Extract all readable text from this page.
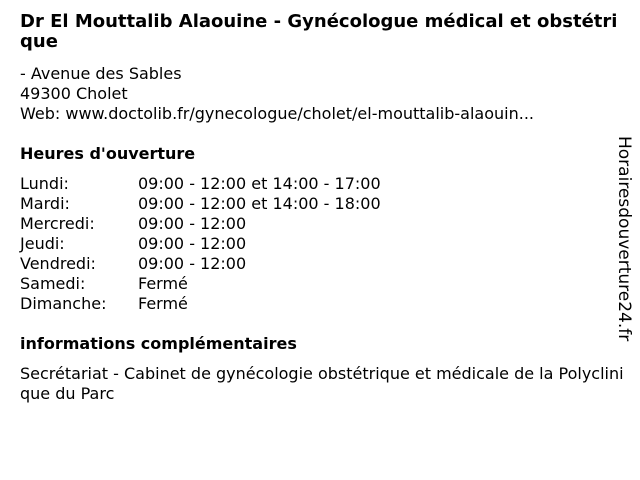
Dr El Mouttalib Alaouine - Gynécologue médical et obstétrique
- Avenue des Sables
49300 Cholet
Web: www.doctolib.fr/gynecologue/cholet/el-mouttalib-alaouin...
Heures d'ouverture
Lundi:	09:00 - 12:00 et 14:00 - 17:00
Mardi:	09:00 - 12:00 et 14:00 - 18:00
Mercredi:	09:00 - 12:00
Jeudi:	09:00 - 12:00
Vendredi:	09:00 - 12:00
Samedi:	Fermé
Dimanche: Fermé
informations complémentaires
Secrétariat - Cabinet de gynécologie obstétrique et médicale de la Polyclinique du Parc
Horairesdouverture24.fr
